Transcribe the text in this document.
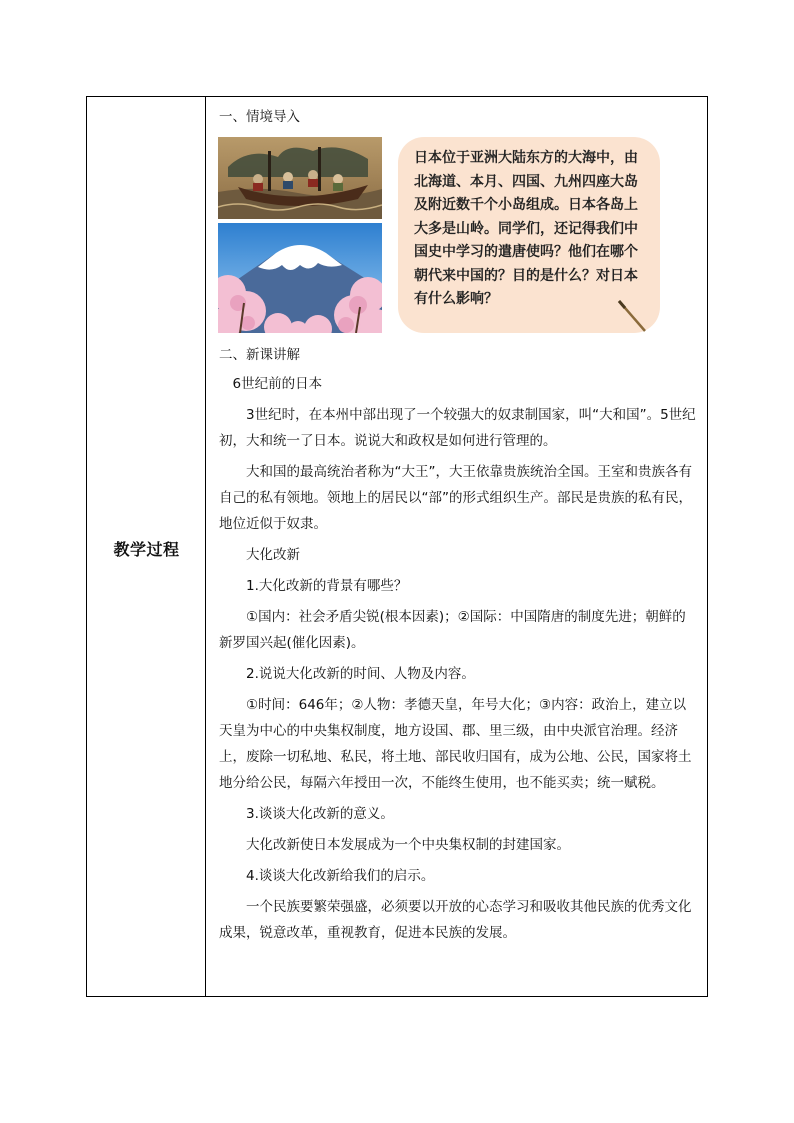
教学过程
一、情境导入
日本位于亚洲大陆东方的大海中，由北海道、本月、四国、九州四座大岛及附近数千个小岛组成。日本各岛上大多是山岭。同学们，还记得我们中国史中学习的遣唐使吗？他们在哪个朝代来中国的？目的是什么？对日本有什么影响？
二、新课讲解

6世纪前的日本

3世纪时，在本州中部出现了一个较强大的奴隶制国家，叫“大和国”。5世纪初，大和统一了日本。说说大和政权是如何进行管理的。

大和国的最高统治者称为“大王”，大王依靠贵族统治全国。王室和贵族各有自己的私有领地。领地上的居民以“部”的形式组织生产。部民是贵族的私有民，地位近似于奴隶。

大化改新

1.大化改新的背景有哪些？

①国内：社会矛盾尖锐(根本因素)；②国际：中国隋唐的制度先进；朝鲜的新罗国兴起(催化因素)。

2.说说大化改新的时间、人物及内容。

①时间：646年；②人物：孝德天皇，年号大化；③内容：政治上，建立以天皇为中心的中央集权制度，地方设国、郡、里三级，由中央派官治理。经济上，废除一切私地、私民，将土地、部民收归国有，成为公地、公民，国家将土地分给公民，每隔六年授田一次，不能终生使用，也不能买卖；统一赋税。

3.谈谈大化改新的意义。

大化改新使日本发展成为一个中央集权制的封建国家。

4.谈谈大化改新给我们的启示。

一个民族要繁荣强盛，必须要以开放的心态学习和吸收其他民族的优秀文化成果，锐意改革，重视教育，促进本民族的发展。
